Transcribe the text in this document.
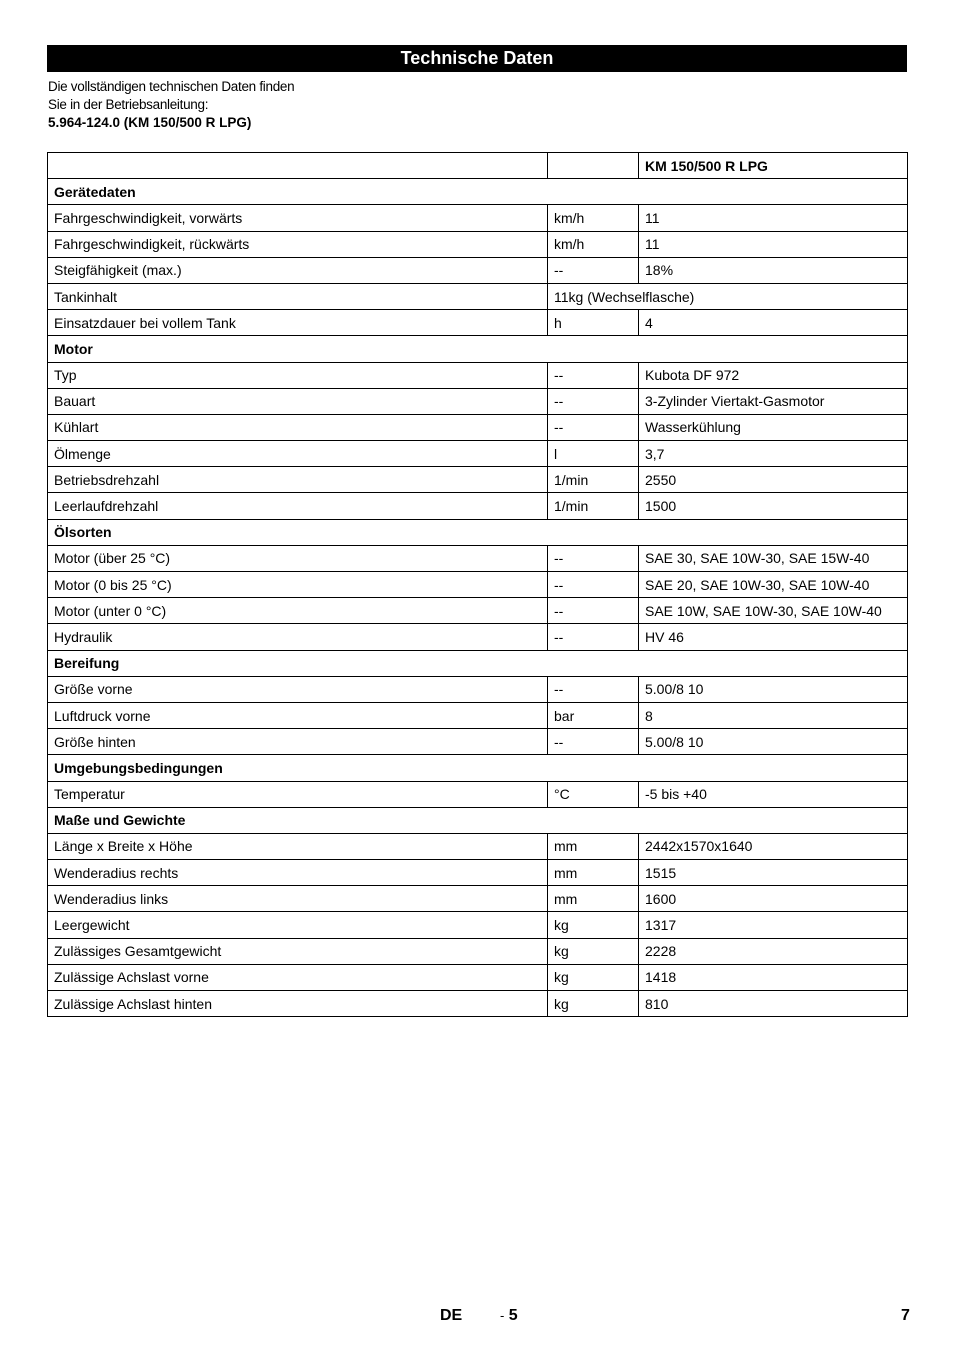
Technische Daten
Die vollständigen technischen Daten finden
Sie in der Betriebsanleitung:
5.964-124.0 (KM 150/500 R LPG)
		KM 150/500 R LPG
Gerätedaten		
Fahrgeschwindigkeit, vorwärts	km/h	11
Fahrgeschwindigkeit, rückwärts	km/h	11
Steigfähigkeit (max.)	--	18%
Tankinhalt	11kg (Wechselflasche)	
Einsatzdauer bei vollem Tank	h	4
Motor		
Typ	--	Kubota DF 972
Bauart	--	3-Zylinder Viertakt-Gasmotor
Kühlart	--	Wasserkühlung
Ölmenge	l	3,7
Betriebsdrehzahl	1/min	2550
Leerlaufdrehzahl	1/min	1500
Ölsorten		
Motor (über 25 °C)	--	SAE 30, SAE 10W-30, SAE 15W-40
Motor (0 bis 25 °C)	--	SAE 20, SAE 10W-30, SAE 10W-40
Motor (unter 0 °C)	--	SAE 10W, SAE 10W-30, SAE 10W-40
Hydraulik	--	HV 46
Bereifung		
Größe vorne	--	5.00/8 10
Luftdruck vorne	bar	8
Größe hinten	--	5.00/8 10
Umgebungsbedingungen		
Temperatur	°C	-5 bis +40
Maße und Gewichte		
Länge x Breite x Höhe	mm	2442x1570x1640
Wenderadius rechts	mm	1515
Wenderadius links	mm	1600
Leergewicht	kg	1317
Zulässiges Gesamtgewicht	kg	2228
Zulässige Achslast vorne	kg	1418
Zulässige Achslast hinten	kg	810
DE	- 5	7
